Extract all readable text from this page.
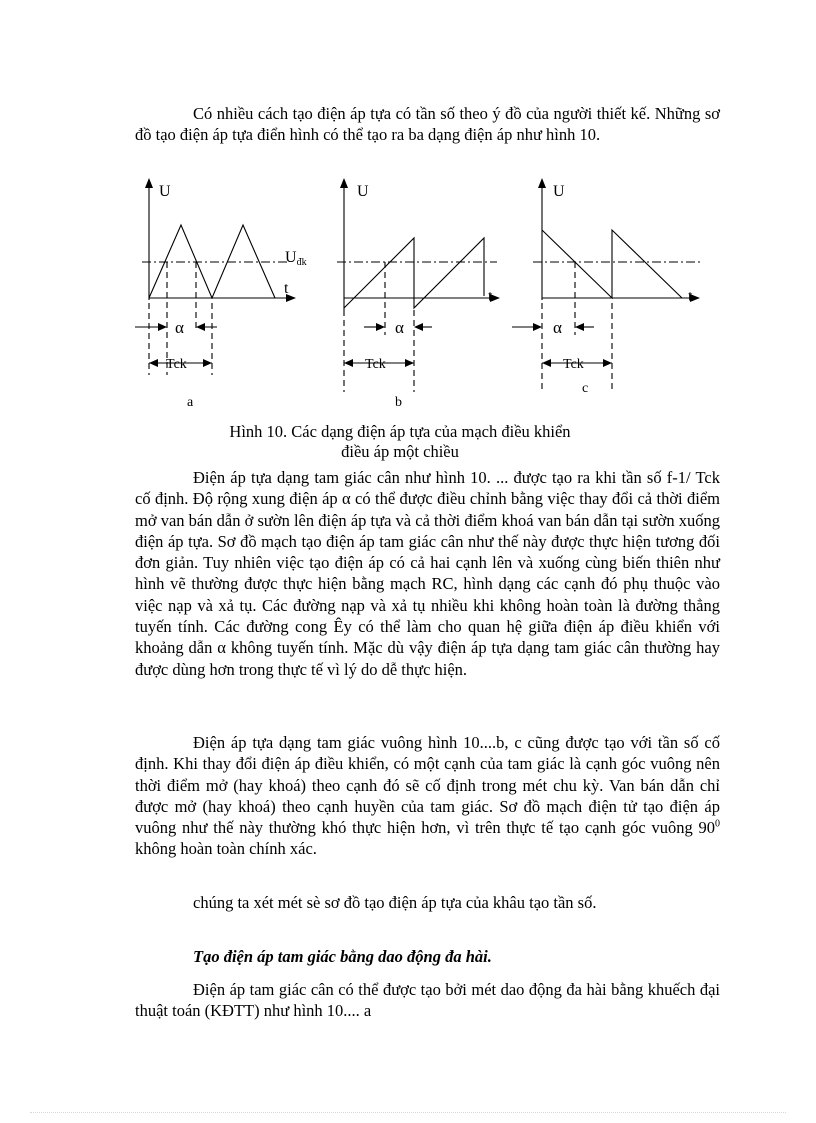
Có nhiều cách tạo điện áp tựa có tần số theo ý đồ của người thiết kế. Những sơ đồ tạo điện áp tựa điển hình có thể tạo ra ba dạng điện áp như hình 10.

U
t
Uđk
α
Tck
a
U
t
α
Tck
b
U
t
α
Tck
c

Hình 10. Các dạng điện áp tựa của mạch điều khiển

điều áp một chiều

Điện áp tựa dạng tam giác cân như hình 10. ... được tạo ra khi tần số f-1/ Tck cố định. Độ rộng xung điện áp α có thể được điều chỉnh bằng việc thay đổi cả thời điểm mở van bán dẫn ở sườn lên điện áp tựa và cả thời điểm khoá van bán dẫn tại sườn xuống điện áp tựa. Sơ đồ mạch tạo điện áp tam giác cân như thế này được thực hiện tương đối đơn giản. Tuy nhiên việc tạo điện áp có cả hai cạnh lên và xuống cùng biến thiên như hình vẽ thường được thực hiện bằng mạch RC, hình dạng các cạnh đó phụ thuộc vào việc nạp và xả tụ. Các đường nạp và xả tụ nhiều khi không hoàn toàn là đường thẳng tuyến tính. Các đường cong Êy có thể làm cho quan hệ giữa điện áp điều khiển với khoảng dẫn α không tuyến tính. Mặc dù vậy điện áp tựa dạng tam giác cân thường hay được dùng hơn trong thực tế vì lý do dễ thực hiện.

Điện áp tựa dạng tam giác vuông hình 10....b, c cũng được tạo với tần số cố định. Khi thay đổi điện áp điều khiển, có một cạnh của tam giác là cạnh góc vuông nên thời điểm mở (hay khoá) theo cạnh đó sẽ cố định trong mét chu kỳ. Van bán dẫn chỉ được mở (hay khoá) theo cạnh huyền của tam giác. Sơ đồ mạch điện tử tạo điện áp vuông như thế này thường khó thực hiện hơn, vì trên thực tế tạo cạnh góc vuông $90^0$ không hoàn toàn chính xác.

chúng ta xét mét sè sơ đồ tạo điện áp tựa của khâu tạo tần số.

Tạo điện áp tam giác bằng dao động đa hài.

Điện áp tam giác cân có thể được tạo bởi mét dao động đa hài bằng khuếch đại thuật toán (KĐTT) như hình 10.... a
